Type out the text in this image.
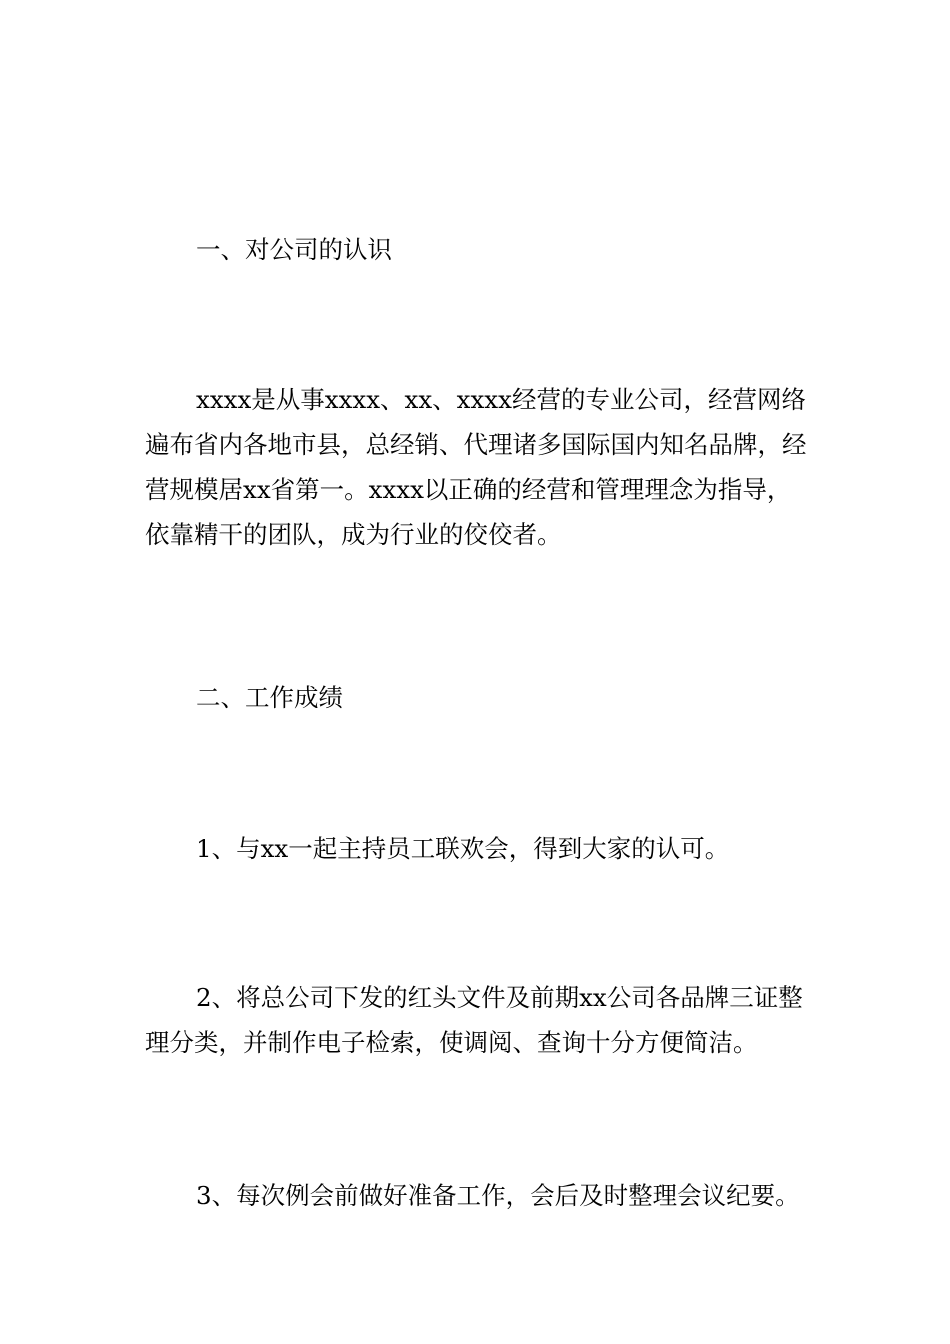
一、对公司的认识

xxxx是从事xxxx、xx、xxxx经营的专业公司，经营网络遍布省内各地市县，总经销、代理诸多国际国内知名品牌，经营规模居xx省第一。xxxx以正确的经营和管理理念为指导，依靠精干的团队，成为行业的佼佼者。

二、工作成绩

1、与xx一起主持员工联欢会，得到大家的认可。

2、将总公司下发的红头文件及前期xx公司各品牌三证整理分类，并制作电子检索，使调阅、查询十分方便简洁。

3、每次例会前做好准备工作，会后及时整理会议纪要。
